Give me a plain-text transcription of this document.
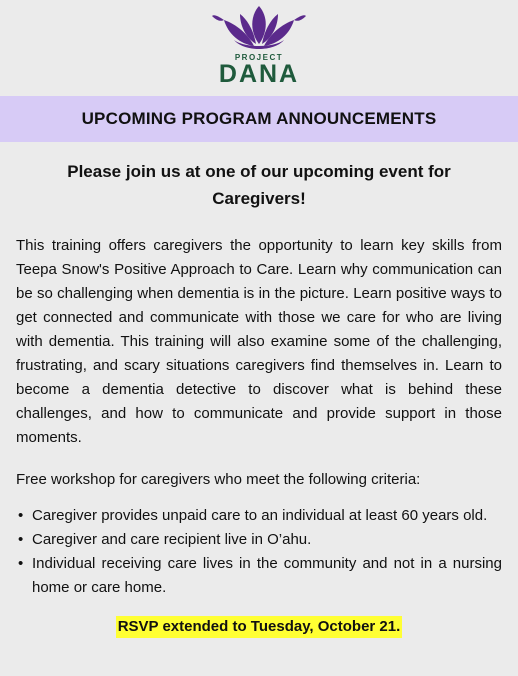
PROJECT
DANA
UPCOMING PROGRAM ANNOUNCEMENTS
Please join us at one of our upcoming event for Caregivers!
This training offers caregivers the opportunity to learn key skills from Teepa Snow's Positive Approach to Care. Learn why communication can be so challenging when dementia is in the picture. Learn positive ways to get connected and communicate with those we care for who are living with dementia. This training will also examine some of the challenging, frustrating, and scary situations caregivers find themselves in. Learn to become a dementia detective to discover what is behind these challenges, and how to communicate and provide support in those moments.
Free workshop for caregivers who meet the following criteria:
• Caregiver provides unpaid care to an individual at least 60 years old.
• Caregiver and care recipient live in O’ahu.
• Individual receiving care lives in the community and not in a nursing home or care home.
RSVP extended to Tuesday, October 21.
